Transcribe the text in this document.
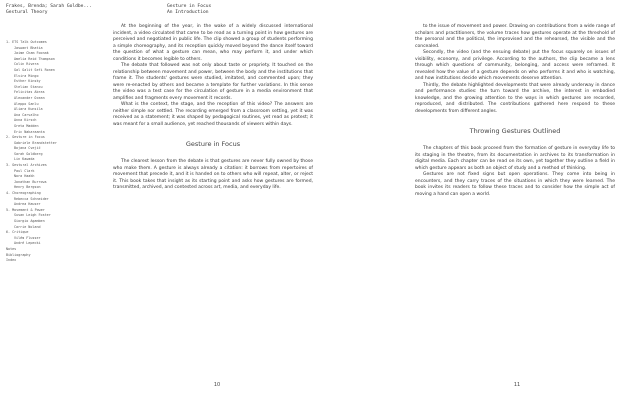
Frakes, Brenda; Sarah Goldbe...
Gestural Theory
Gesture in Focus
An Introduction
1. ETS Talk Outcomes
Jaswant Bhatia
Jaime Cham Foonak
Amelia Reid Thompson
Colin Rivera
Gal Galit Sefi Ronen
Elvira Mingo
Esther Kinsky
Stelian Stancu
Felicitas Abras
Alexander Ocean
Aleppo Sanlu
Aliara Kunsila
Ana Carvalho
Anna Kirsch
Greta Madden
Eric Nakaraanta
2. Gesture in Focus
Gabriele Brandstetter
Bojana Cvejić
Sarah Goldberg
Lin Kawada
3. Gestural Archives
Paul Clark
Nora Haakh
Jonathan Burrows
Henry Bergson
4. Choreographing
Rebecca Schneider
Andrea Hauser
5. Movement & Power
Susan Leigh Foster
Giorgio Agamben
Carrie Noland
6. Critique
Vilém Flusser
André Lepecki
Notes
Bibliography
Index

At the beginning of the year, in the wake of a widely discussed international incident, a video circulated that came to be read as a turning point in how gestures are perceived and negotiated in public life. The clip showed a group of students performing a simple choreography, and its reception quickly moved beyond the dance itself toward the question of what a gesture can mean, who may perform it, and under which conditions it becomes legible to others.

The debate that followed was not only about taste or propriety. It touched on the relationship between movement and power, between the body and the institutions that frame it. The students' gestures were studied, imitated, and commented upon; they were re-enacted by others and became a template for further variations. In this sense the video was a test case for the circulation of gesture in a media environment that amplifies and fragments every movement it records.

What is the context, the stage, and the reception of this video? The answers are neither simple nor settled. The recording emerged from a classroom setting, yet it was received as a statement; it was shaped by pedagogical routines, yet read as protest; it was meant for a small audience, yet reached thousands of viewers within days.

Gesture in Focus

The clearest lesson from the debate is that gestures are never fully owned by those who make them. A gesture is always already a citation: it borrows from repertoires of movement that precede it, and it is handed on to others who will repeat, alter, or reject it. This book takes that insight as its starting point and asks how gestures are formed, transmitted, archived, and contested across art, media, and everyday life.

10

to the issue of movement and power. Drawing on contributions from a wide range of scholars and practitioners, the volume traces how gestures operate at the threshold of the personal and the political, the improvised and the rehearsed, the visible and the concealed.

Secondly, the video (and the ensuing debate) put the focus squarely on issues of visibility, economy, and privilege. According to the authors, the clip became a lens through which questions of community, belonging, and access were reframed. It revealed how the value of a gesture depends on who performs it and who is watching, and how institutions decide which movements deserve attention.

Thirdly, the debate highlighted developments that were already underway in dance and performance studies: the turn toward the archive, the interest in embodied knowledge, and the growing attention to the ways in which gestures are recorded, reproduced, and distributed. The contributions gathered here respond to these developments from different angles.

Throwing Gestures Outlined

The chapters of this book proceed from the formation of gesture in everyday life to its staging in the theatre, from its documentation in archives to its transformation in digital media. Each chapter can be read on its own, yet together they outline a field in which gesture appears as both an object of study and a method of thinking.

Gestures are not fixed signs but open operations. They come into being in encounters, and they carry traces of the situations in which they were learned. The book invites its readers to follow these traces and to consider how the simple act of moving a hand can open a world.

11
